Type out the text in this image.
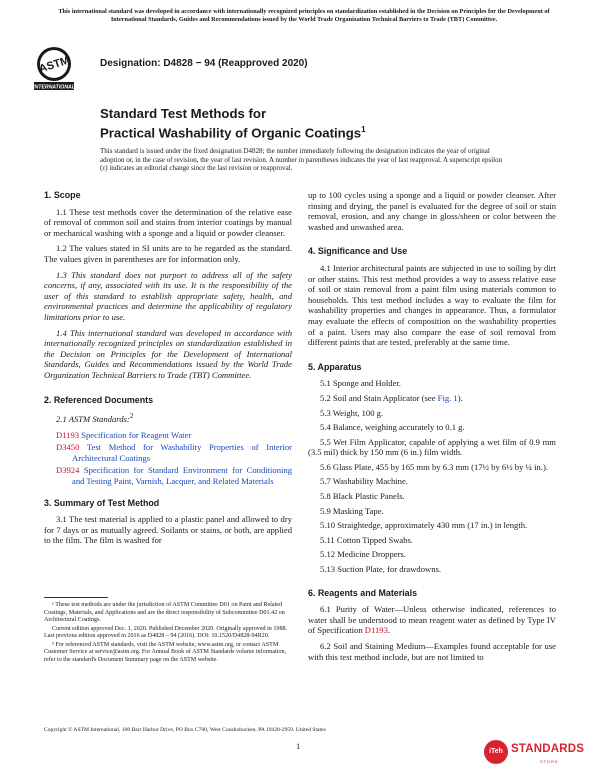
This international standard was developed in accordance with internationally recognized principles on standardization established in the Decision on Principles for the Development of International Standards, Guides and Recommendations issued by the World Trade Organization Technical Barriers to Trade (TBT) Committee.
ASTM
INTERNATIONAL
Designation: D4828 − 94 (Reapproved 2020)
Standard Test Methods for
Practical Washability of Organic Coatings$^1$
This standard is issued under the fixed designation D4828; the number immediately following the designation indicates the year of original adoption or, in the case of revision, the year of last revision. A number in parentheses indicates the year of last reapproval. A superscript epsilon (ε) indicates an editorial change since the last revision or reapproval.
1. Scope

1.1 These test methods cover the determination of the relative ease of removal of common soil and stains from interior coatings by manual or mechanical washing with a sponge and a liquid or powder cleanser.

1.2 The values stated in SI units are to be regarded as the standard. The values given in parentheses are for information only.

1.3 This standard does not purport to address all of the safety concerns, if any, associated with its use. It is the responsibility of the user of this standard to establish appropriate safety, health, and environmental practices and determine the applicability of regulatory limitations prior to use.

1.4 This international standard was developed in accordance with internationally recognized principles on standardization established in the Decision on Principles for the Development of International Standards, Guides and Recommendations issued by the World Trade Organization Technical Barriers to Trade (TBT) Committee.

2. Referenced Documents

2.1 ASTM Standards:$^2$

D1193 Specification for Reagent Water
D3450 Test Method for Washability Properties of Interior Architectural Coatings
D3924 Specification for Standard Environment for Conditioning and Testing Paint, Varnish, Lacquer, and Related Materials
3. Summary of Test Method

3.1 The test material is applied to a plastic panel and allowed to dry for 7 days or as mutually agreed. Soilants or stains, or both, are applied to the film. The film is washed for

¹ These test methods are under the jurisdiction of ASTM Committee D01 on Paint and Related Coatings, Materials, and Applications and are the direct responsibility of Subcommittee D01.42 on Architectural Coatings.
Current edition approved Dec. 1, 2020. Published December 2020. Originally approved in 1988. Last previous edition approved in 2016 as D4828 – 94 (2016). DOI: 10.1520/D4828-94R20.
² For referenced ASTM standards, visit the ASTM website, www.astm.org, or contact ASTM Customer Service at service@astm.org. For Annual Book of ASTM Standards volume information, refer to the standard's Document Summary page on the ASTM website.

up to 100 cycles using a sponge and a liquid or powder cleanser. After rinsing and drying, the panel is evaluated for the degree of soil or stain removal, erosion, and any change in gloss/sheen or color between the washed and unwashed area.

4. Significance and Use

4.1 Interior architectural paints are subjected in use to soiling by dirt or other stains. This test method provides a way to assess relative ease of soil or stain removal from a paint film using materials common to households. This test method includes a way to evaluate the film for washability properties and changes in appearance. Thus, a formulator may evaluate the effects of composition on the washability properties of a paint. Users may also compare the ease of soil removal from different paints that are tested, preferably at the same time.

5. Apparatus

5.1 Sponge and Holder.

5.2 Soil and Stain Applicator (see Fig. 1).

5.3 Weight, 100 g.

5.4 Balance, weighing accurately to 0.1 g.

5.5 Wet Film Applicator, capable of applying a wet film of 0.9 mm (3.5 mil) thick by 150 mm (6 in.) film width.

5.6 Glass Plate, 455 by 165 mm by 6.3 mm (17½ by 6½ by ¼ in.).

5.7 Washability Machine.

5.8 Black Plastic Panels.

5.9 Masking Tape.

5.10 Straightedge, approximately 430 mm (17 in.) in length.

5.11 Cotton Tipped Swabs.

5.12 Medicine Droppers.

5.13 Suction Plate, for drawdowns.

6. Reagents and Materials

6.1 Purity of Water—Unless otherwise indicated, references to water shall be understood to mean reagent water as defined by Type IV of Specification D1193.

6.2 Soil and Staining Medium—Examples found acceptable for use with this test method include, but are not limited to

Copyright © ASTM International, 100 Barr Harbor Drive, PO Box C700, West Conshohocken, PA 19428-2959. United States
1
iTeh STANDARDS
STORE
